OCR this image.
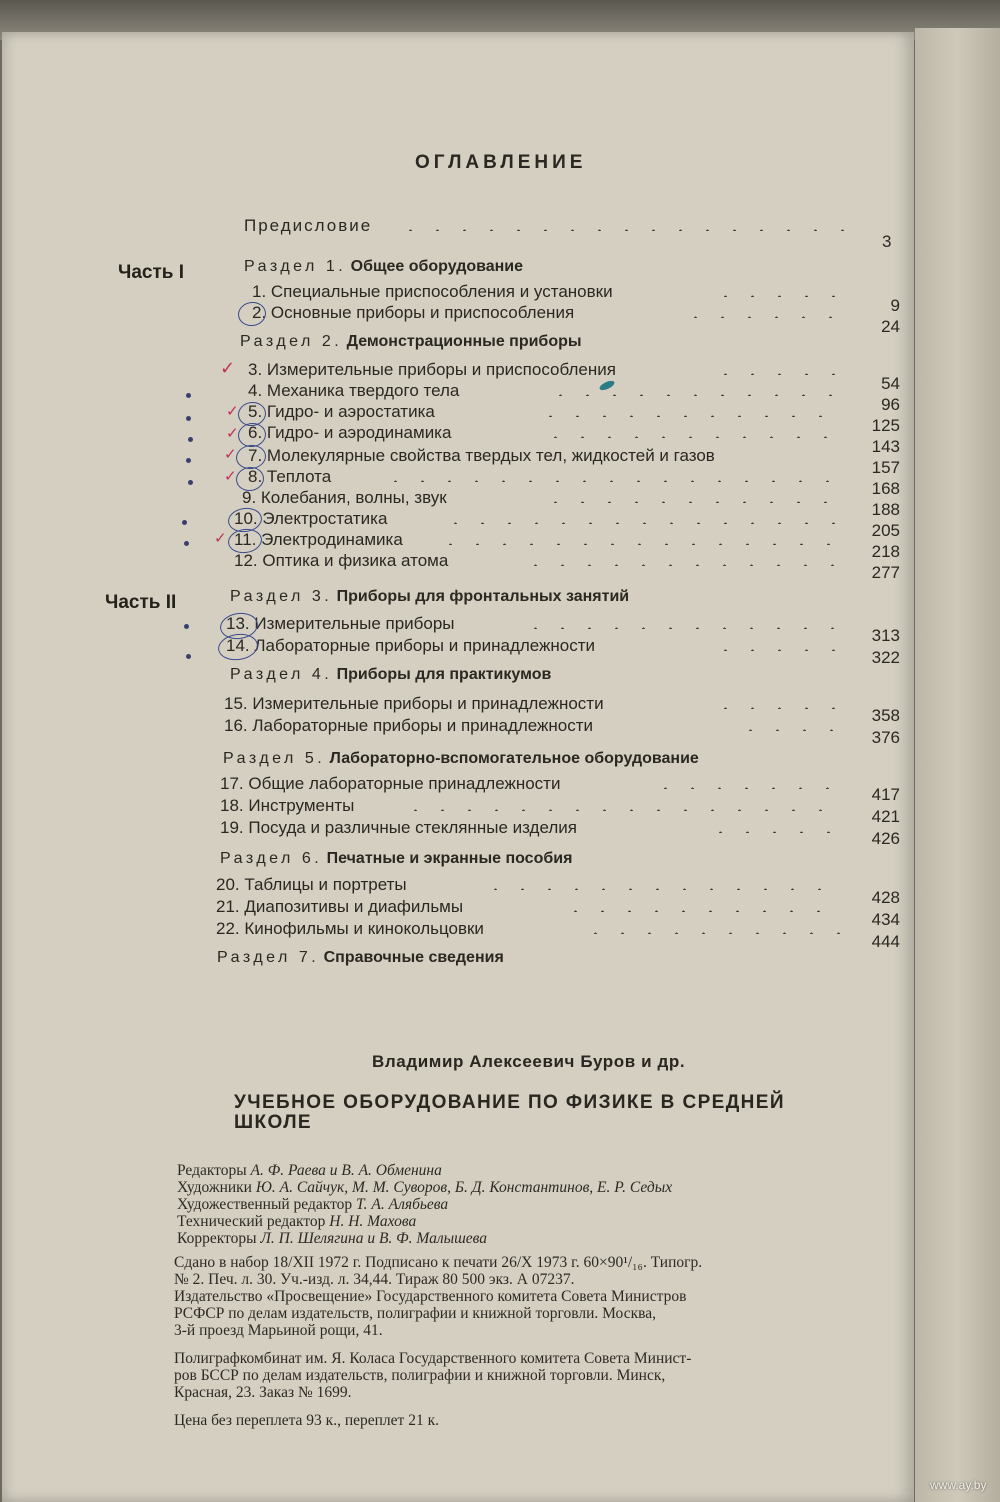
ОГЛАВЛЕНИЕ
Предисловие
3
Часть I
Часть II
Раздел 1. Общее оборудование
Раздел 2. Демонстрационные приборы
Раздел 3. Приборы для фронтальных занятий
Раздел 4. Приборы для практикумов
Раздел 5. Лабораторно-вспомогательное оборудование
Раздел 6. Печатные и экранные пособия
Раздел 7. Справочные сведения
1. Специальные приспособления и установки
2. Основные приборы и приспособления
3. Измерительные приборы и приспособления
4. Механика твердого тела
5. Гидро- и аэростатика
6. Гидро- и аэродинамика
7. Молекулярные свойства твердых тел, жидкостей и газов
8. Теплота
9. Колебания, волны, звук
10. Электростатика
11. Электродинамика
12. Оптика и физика атома
13. Измерительные приборы
14. Лабораторные приборы и принадлежности
15. Измерительные приборы и принадлежности
16. Лабораторные приборы и принадлежности
17. Общие лабораторные принадлежности
18. Инструменты
19. Посуда и различные стеклянные изделия
20. Таблицы и портреты
21. Диапозитивы и диафильмы
22. Кинофильмы и кинокольцовки
9
24
54
96
125
143
157
168
188
205
218
277
313
322
358
376
417
421
426
428
434
444
✓
✓
✓
✓
✓
✓
Владимир Алексеевич Буров и др.
УЧЕБНОЕ ОБОРУДОВАНИЕ ПО ФИЗИКЕ В СРЕДНЕЙ
ШКОЛЕ
Редакторы А. Ф. Раева и В. А. Обменина
Художники Ю. А. Сайчук, М. М. Суворов, Б. Д. Константинов, Е. Р. Седых
Художественный редактор Т. А. Алябьева
Технический редактор Н. Н. Махова
Корректоры Л. П. Шелягина и В. Ф. Малышева
Сдано в набор 18/XII 1972 г. Подписано к печати 26/X 1973 г. 60×90¹/₁₆. Типогр.
№ 2. Печ. л. 30. Уч.-изд. л. 34,44. Тираж 80 500 экз. А 07237.
Издательство «Просвещение» Государственного комитета Совета Министров
РСФСР по делам издательств, полиграфии и книжной торговли. Москва,
3-й проезд Марьиной рощи, 41.
Полиграфкомбинат им. Я. Коласа Государственного комитета Совета Минист-
ров БССР по делам издательств, полиграфии и книжной торговли. Минск,
Красная, 23. Заказ № 1699.
Цена без переплета 93 к., переплет 21 к.
www.ay.by
